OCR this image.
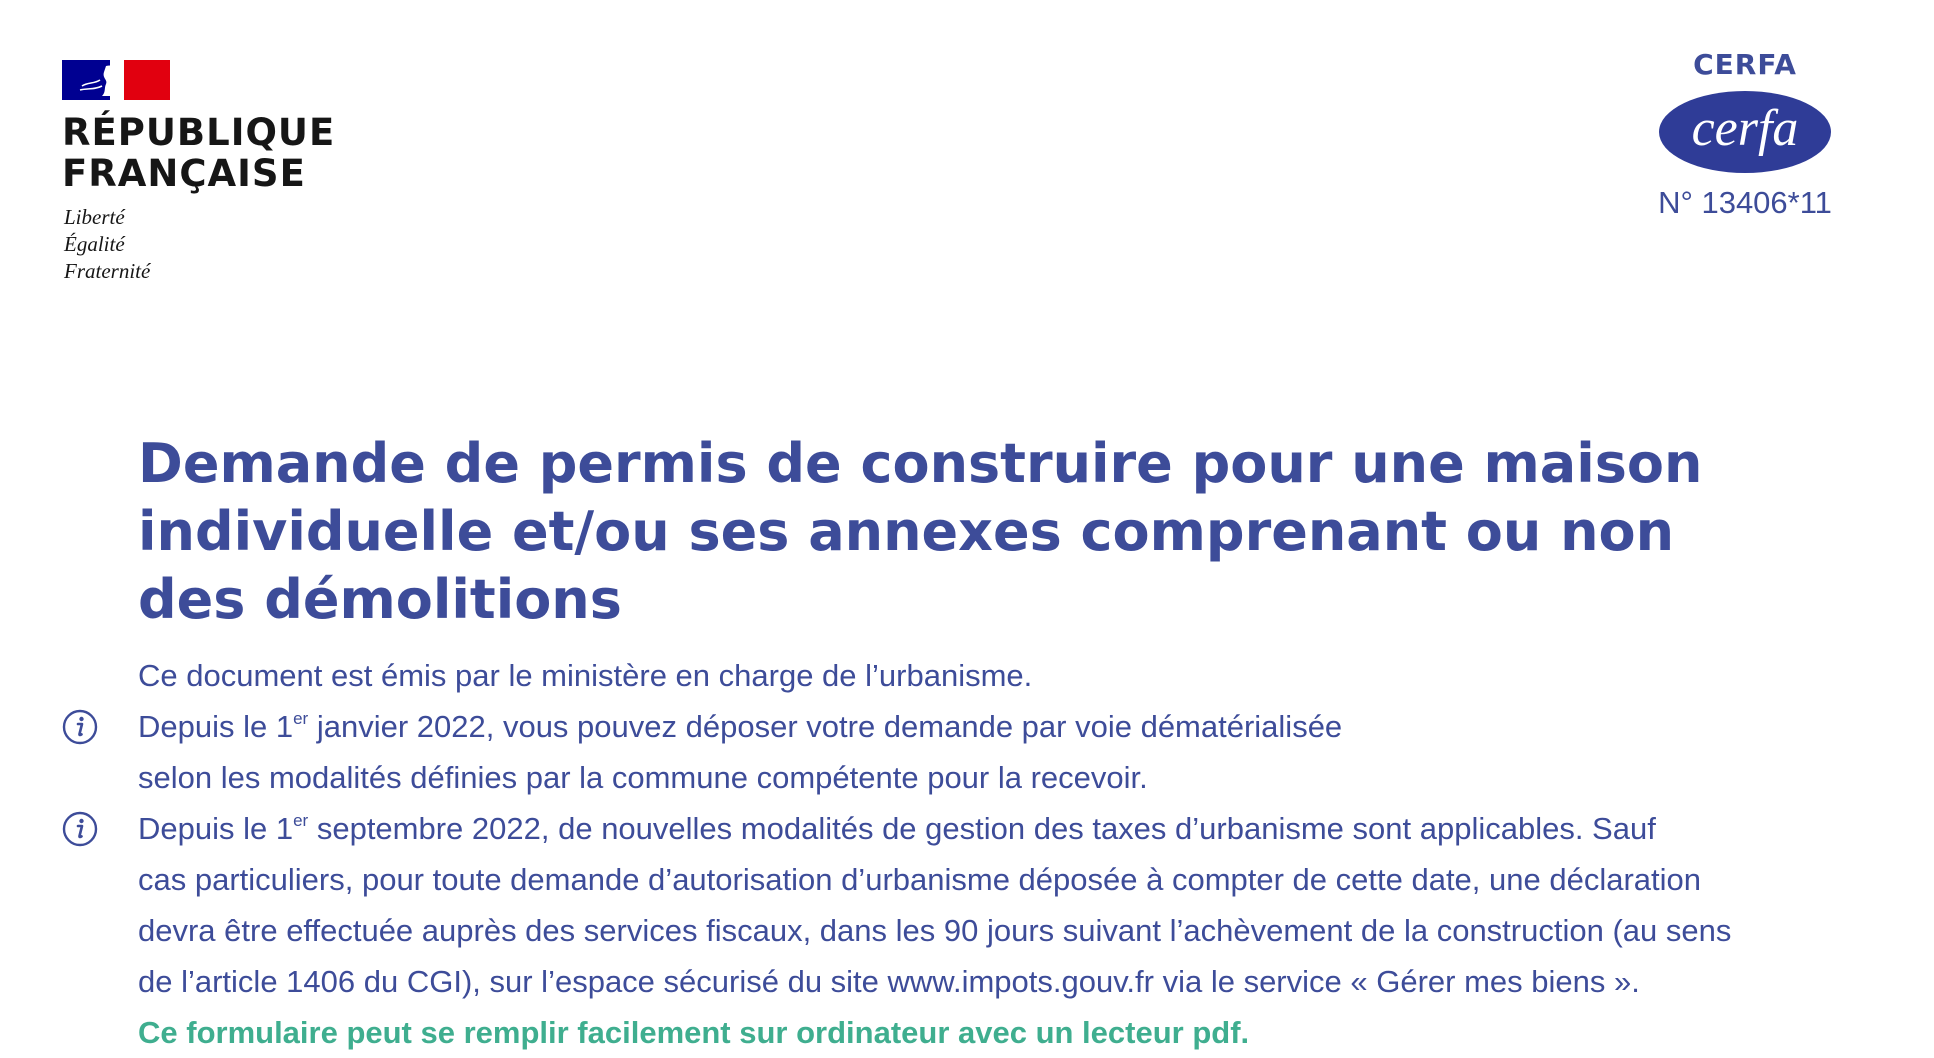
RÉPUBLIQUE
FRANÇAISE
Liberté
Égalité
Fraternité
CERFA
cerfa
N° 13406*11
Demande de permis de construire pour une maison
individuelle et/ou ses annexes comprenant ou non
des démolitions
Ce document est émis par le ministère en charge de l’urbanisme.
Depuis le 1er janvier 2022, vous pouvez déposer votre demande par voie dématérialisée
selon les modalités définies par la commune compétente pour la recevoir.
Depuis le 1er septembre 2022, de nouvelles modalités de gestion des taxes d’urbanisme sont applicables. Sauf
cas particuliers, pour toute demande d’autorisation d’urbanisme déposée à compter de cette date, une déclaration
devra être effectuée auprès des services fiscaux, dans les 90 jours suivant l’achèvement de la construction (au sens
de l’article 1406 du CGI), sur l’espace sécurisé du site www.impots.gouv.fr via le service « Gérer mes biens ».
Ce formulaire peut se remplir facilement sur ordinateur avec un lecteur pdf.
